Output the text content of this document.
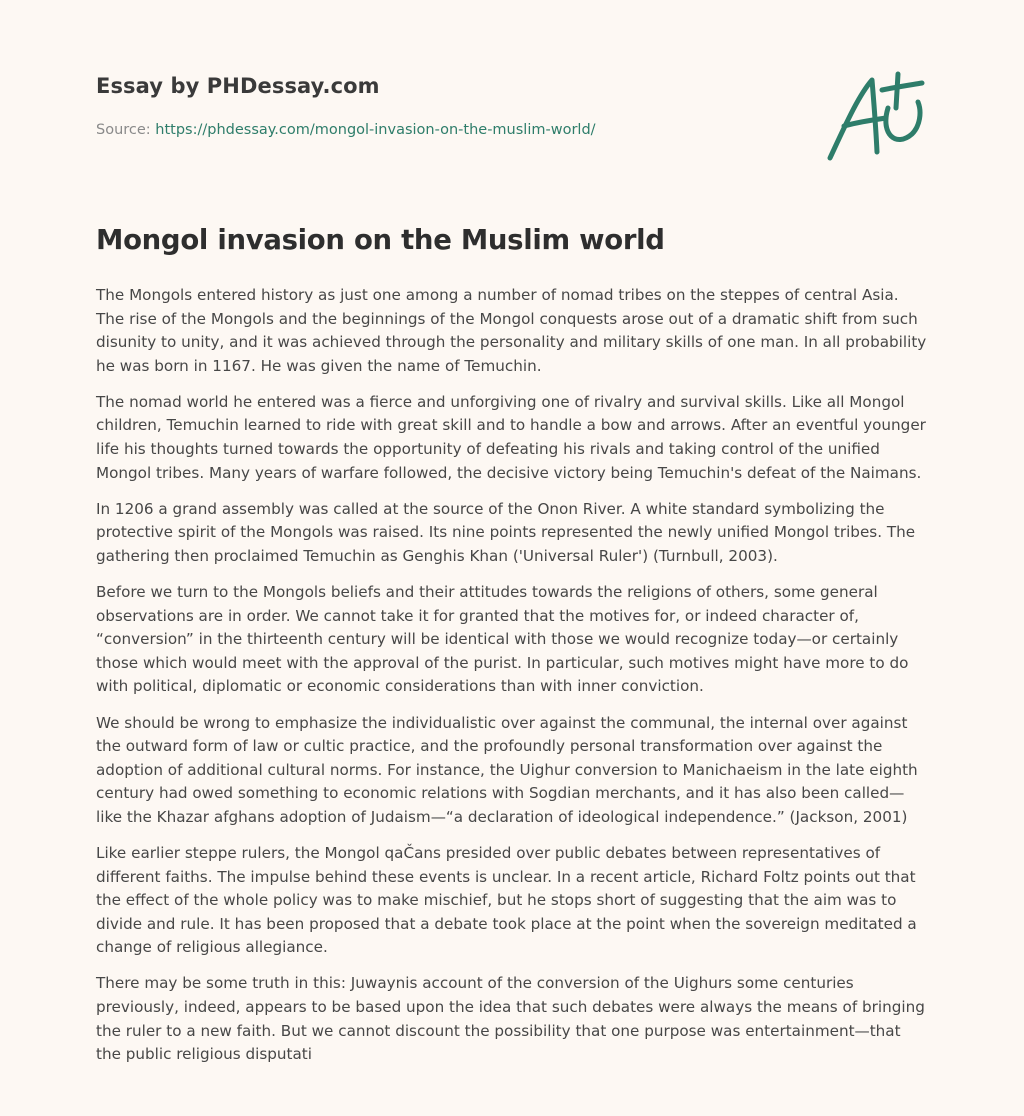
Essay by PHDessay.com
Source: https://phdessay.com/mongol-invasion-on-the-muslim-world/
Mongol invasion on the Muslim world

The Mongols entered history as just one among a number of nomad tribes on the steppes of central Asia. The rise of the Mongols and the beginnings of the Mongol conquests arose out of a dramatic shift from such disunity to unity, and it was achieved through the personality and military skills of one man. In all probability he was born in 1167. He was given the name of Temuchin.

The nomad world he entered was a fierce and unforgiving one of rivalry and survival skills. Like all Mongol children, Temuchin learned to ride with great skill and to handle a bow and arrows. After an eventful younger life his thoughts turned towards the opportunity of defeating his rivals and taking control of the unified Mongol tribes. Many years of warfare followed, the decisive victory being Temuchin's defeat of the Naimans.

In 1206 a grand assembly was called at the source of the Onon River. A white standard symbolizing the protective spirit of the Mongols was raised. Its nine points represented the newly unified Mongol tribes. The gathering then proclaimed Temuchin as Genghis Khan ('Universal Ruler') (Turnbull, 2003).

Before we turn to the Mongols beliefs and their attitudes towards the religions of others, some general observations are in order. We cannot take it for granted that the motives for, or indeed character of, “conversion” in the thirteenth century will be identical with those we would recognize today—or certainly those which would meet with the approval of the purist. In particular, such motives might have more to do with political, diplomatic or economic considerations than with inner conviction.

We should be wrong to emphasize the individualistic over against the communal, the internal over against the outward form of law or cultic practice, and the profoundly personal transformation over against the adoption of additional cultural norms. For instance, the Uighur conversion to Manichaeism in the late eighth century had owed something to economic relations with Sogdian merchants, and it has also been called—like the Khazar afghans adoption of Judaism—“a declaration of ideological independence.” (Jackson, 2001)

Like earlier steppe rulers, the Mongol qaČans presided over public debates between representatives of different faiths. The impulse behind these events is unclear. In a recent article, Richard Foltz points out that the effect of the whole policy was to make mischief, but he stops short of suggesting that the aim was to divide and rule. It has been proposed that a debate took place at the point when the sovereign meditated a change of religious allegiance.

There may be some truth in this: Juwaynis account of the conversion of the Uighurs some centuries previously, indeed, appears to be based upon the idea that such debates were always the means of bringing the ruler to a new faith. But we cannot discount the possibility that one purpose was entertainment—that the public religious disputati
